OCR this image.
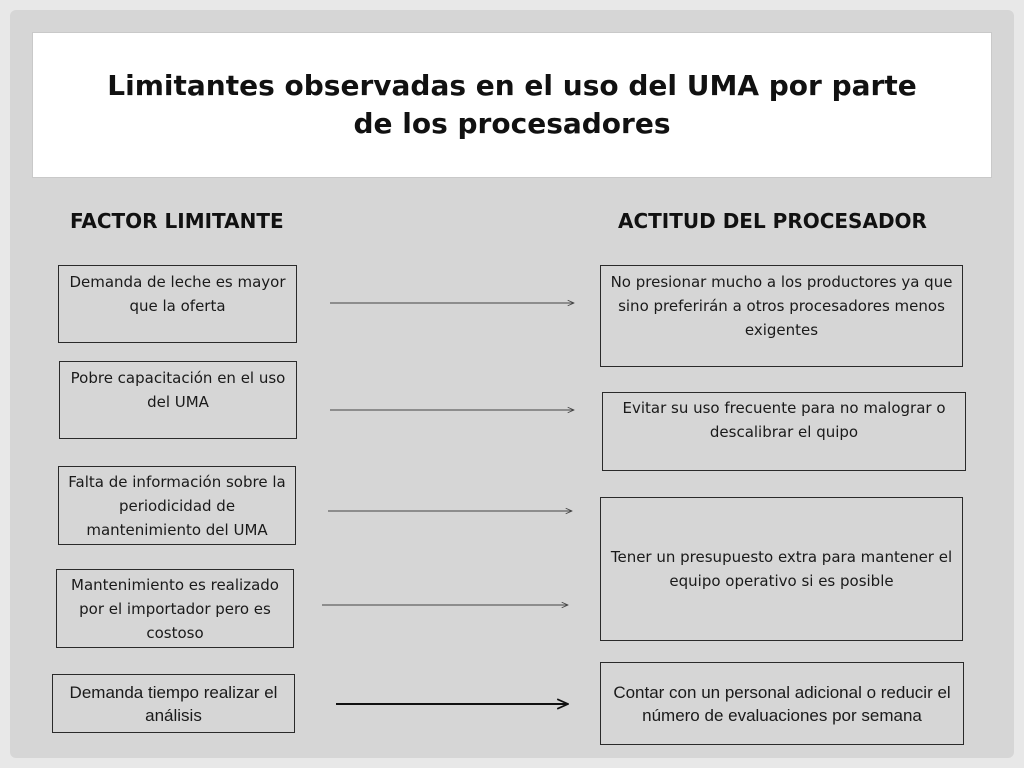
Limitantes observadas en el uso del UMA por parte
de los procesadores
FACTOR LIMITANTE	ACTITUD DEL PROCESADOR
Demanda de leche es mayor que la oferta
Pobre capacitación en el uso del UMA
Falta de información sobre la periodicidad de mantenimiento del UMA
Mantenimiento es realizado por el importador pero es costoso
Demanda tiempo realizar el análisis
No presionar mucho a los productores ya que sino preferirán a otros procesadores menos exigentes
Evitar su uso frecuente para no malograr o descalibrar el quipo
Tener un presupuesto extra para mantener el equipo operativo si es posible
Contar con un personal adicional o reducir el número de evaluaciones por semana
